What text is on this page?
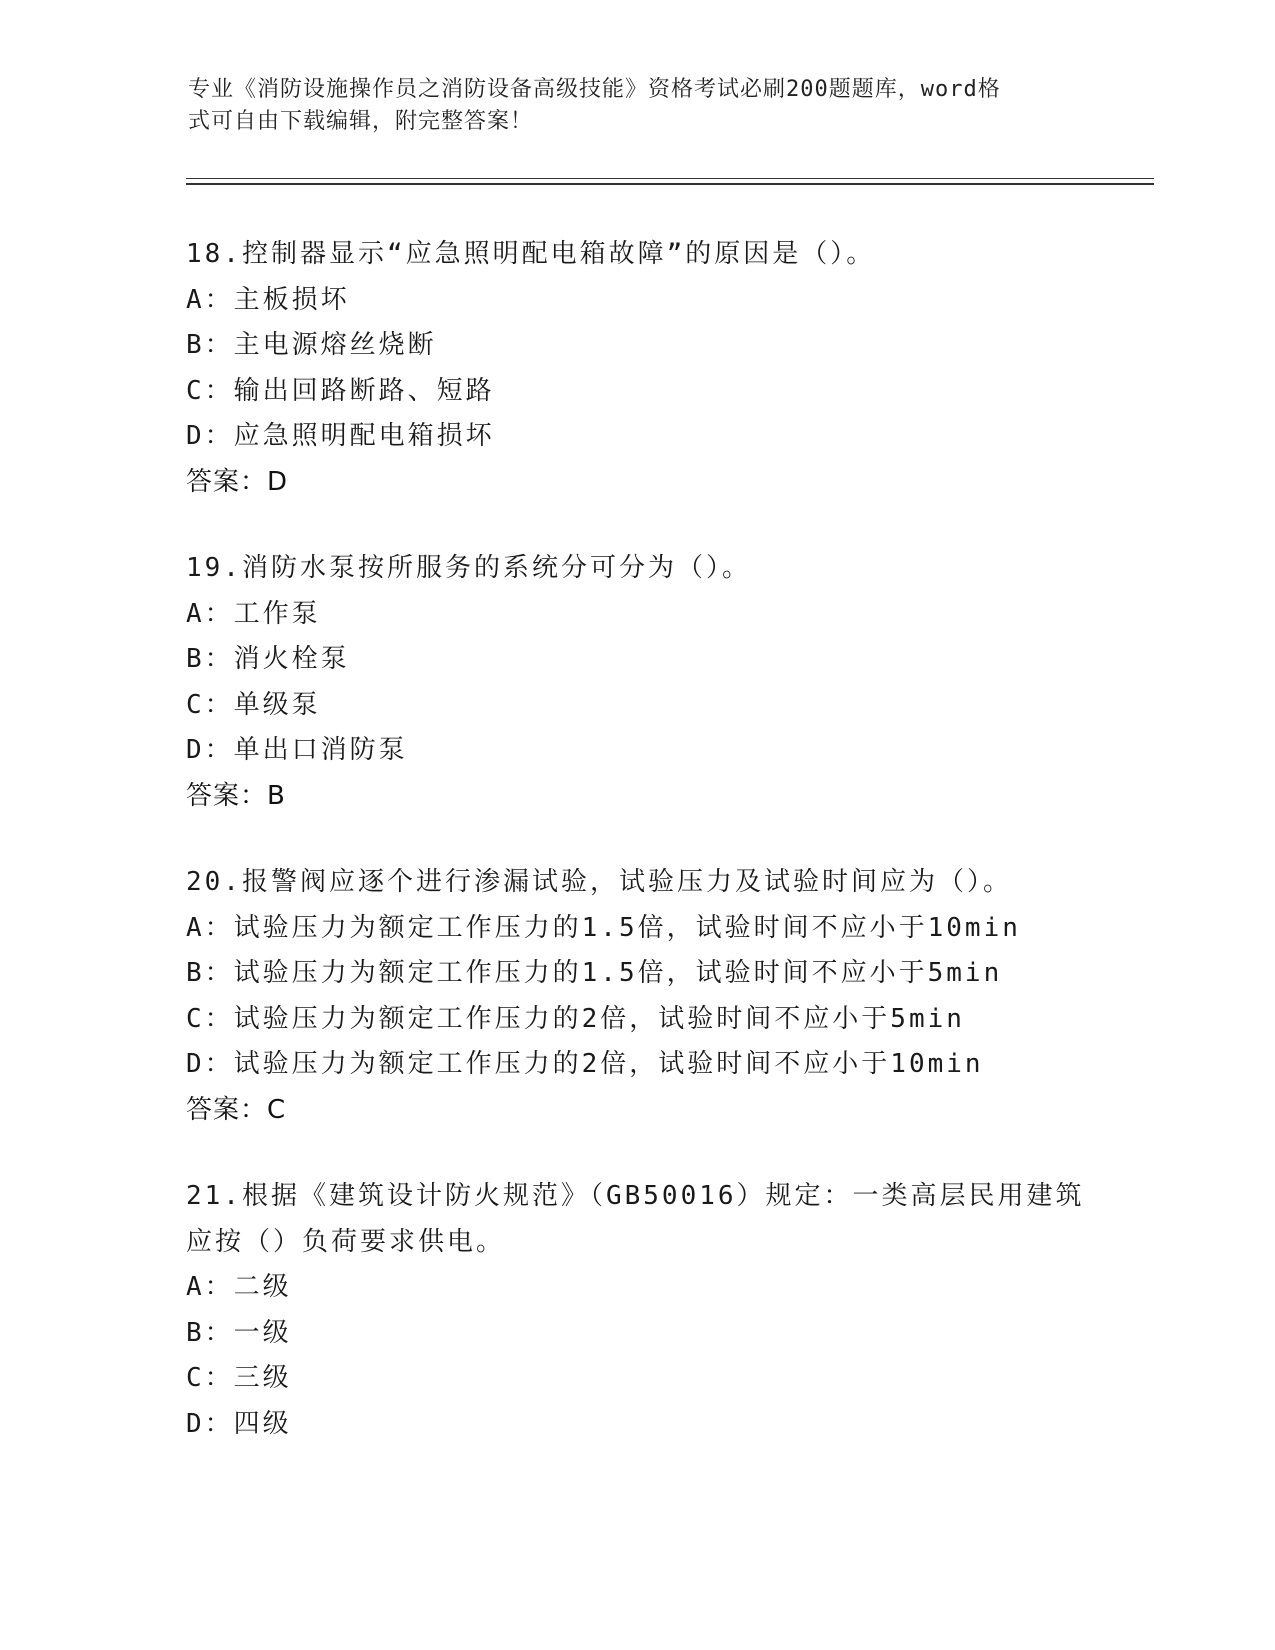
专业《消防设施操作员之消防设备高级技能》资格考试必刷200题题库，word格
式可自由下载编辑，附完整答案！
18.控制器显示“应急照明配电箱故障”的原因是（）。
A：主板损坏
B：主电源熔丝烧断
C：输出回路断路、短路
D：应急照明配电箱损坏
答案：D
19.消防水泵按所服务的系统分可分为（）。
A：工作泵
B：消火栓泵
C：单级泵
D：单出口消防泵
答案：B
20.报警阀应逐个进行渗漏试验，试验压力及试验时间应为（）。
A：试验压力为额定工作压力的1.5倍，试验时间不应小于10min
B：试验压力为额定工作压力的1.5倍，试验时间不应小于5min
C：试验压力为额定工作压力的2倍，试验时间不应小于5min
D：试验压力为额定工作压力的2倍，试验时间不应小于10min
答案：C
21.根据《建筑设计防火规范》（GB50016）规定：一类高层民用建筑
应按（）负荷要求供电。
A：二级
B：一级
C：三级
D：四级
